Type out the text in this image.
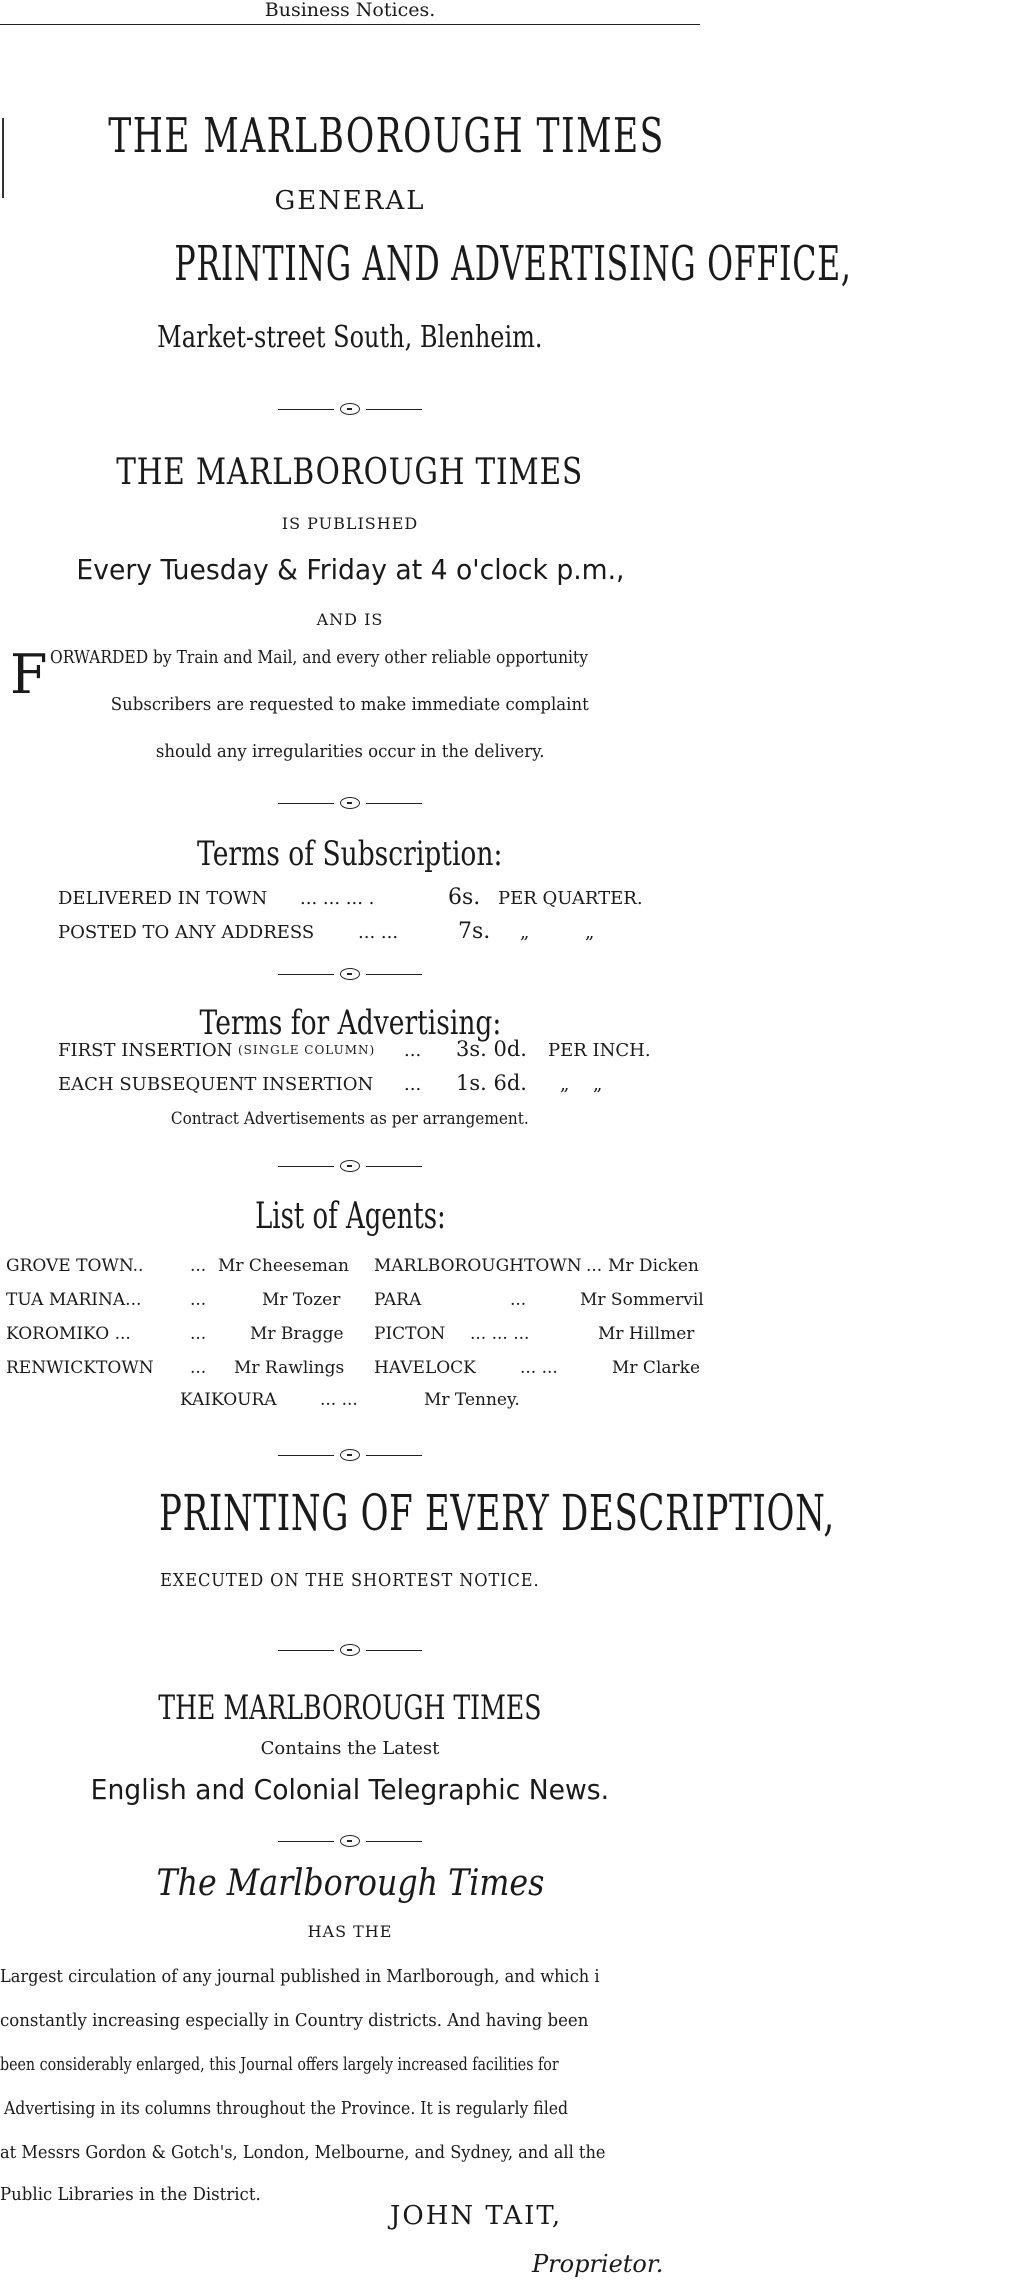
Business Notices.
THE MARLBOROUGH TIMES
GENERAL
PRINTING AND ADVERTISING OFFICE,
Market-street South, Blenheim.
THE MARLBOROUGH TIMES
IS PUBLISHED
Every Tuesday & Friday at 4 o'clock p.m.,
AND IS
F ORWARDED by Train and Mail, and every other reliable opportunity
Subscribers are requested to make immediate complaint
should any irregularities occur in the delivery.
Terms of Subscription:
DELIVERED IN TOWN ... ... ... .	6s. PER QUARTER.
POSTED TO ANY ADDRESS ... ...	7s. „ „
Terms for Advertising:
FIRST INSERTION (SINGLE COLUMN) ... 3s. 0d. PER INCH.
EACH SUBSEQUENT INSERTION ... 1s. 6d. „ „
Contract Advertisements as per arrangement.
List of Agents:
GROVE TOWN..	... Mr Cheeseman MARLBOROUGHTOWN ... Mr Dicken
TUA MARINA...	...	Mr Tozer PARA	...	Mr Sommervil
KOROMIKO ...	...	Mr Bragge PICTON ... ... ...	Mr Hillmer
RENWICKTOWN ... Mr Rawlings HAVELOCK	... ...	Mr Clarke
KAIKOURA	... ...	Mr Tenney.
PRINTING OF EVERY DESCRIPTION,
EXECUTED ON THE SHORTEST NOTICE.
THE MARLBOROUGH TIMES
Contains the Latest
English and Colonial Telegraphic News.
The Marlborough Times
HAS THE
Largest circulation of any journal published in Marlborough, and which i
constantly increasing especially in Country districts. And having been
been considerably enlarged, this Journal offers largely increased facilities for
Advertising in its columns throughout the Province. It is regularly filed
at Messrs Gordon & Gotch's, London, Melbourne, and Sydney, and all the
Public Libraries in the District.
JOHN TAIT,
Proprietor.
